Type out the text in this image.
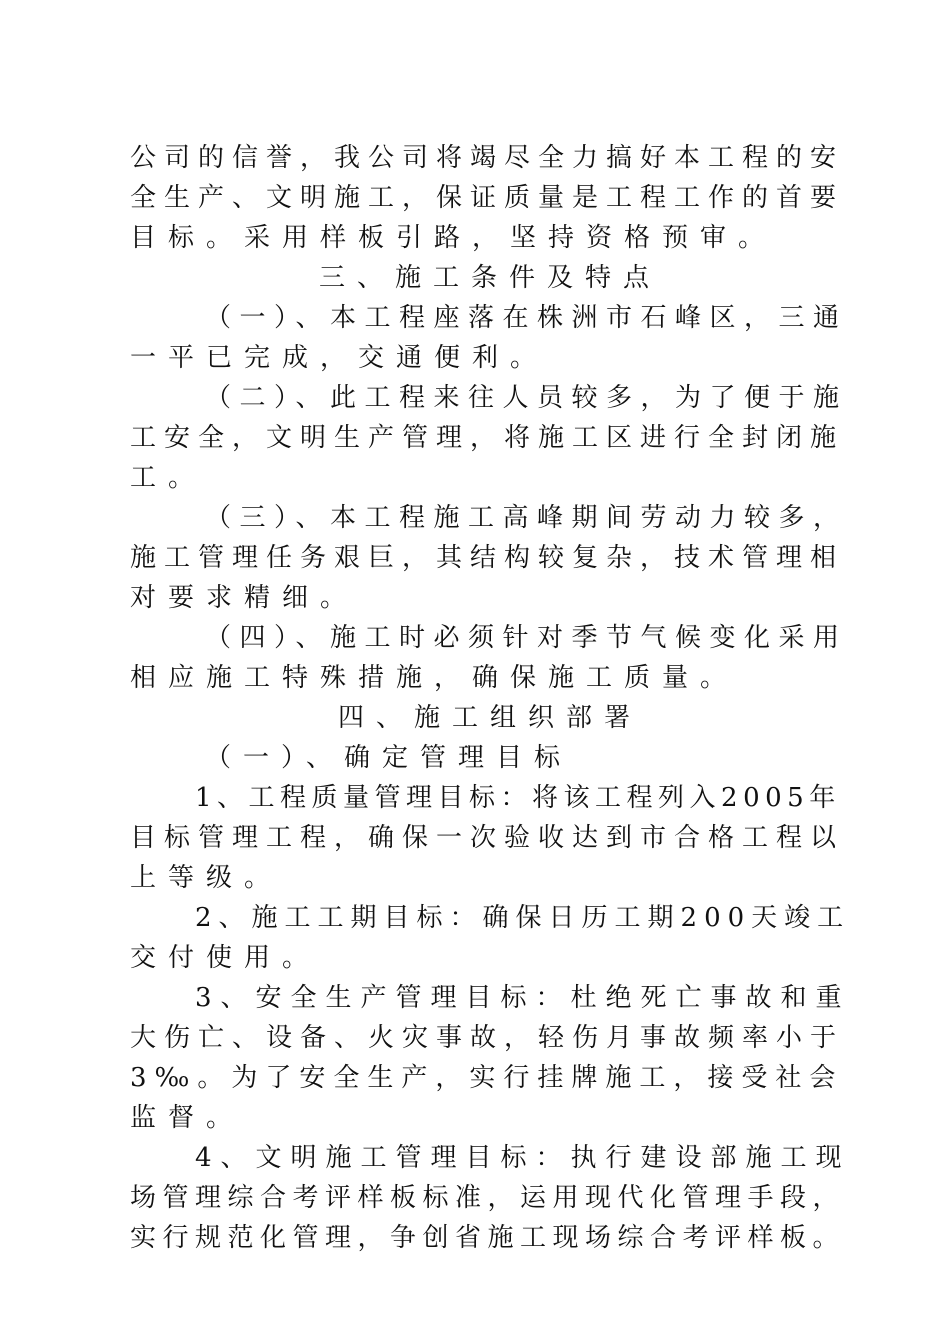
公司的信誉，我公司将竭尽全力搞好本工程的安
全生产、文明施工，保证质量是工程工作的首要
目标。采用样板引路，坚持资格预审。
三、施工条件及特点
（一）、本工程座落在株洲市石峰区，三通
一平已完成，交通便利。
（二）、此工程来往人员较多，为了便于施
工安全，文明生产管理，将施工区进行全封闭施
工。
（三）、本工程施工高峰期间劳动力较多，
施工管理任务艰巨，其结构较复杂，技术管理相
对要求精细。
（四）、施工时必须针对季节气候变化采用
相应施工特殊措施，确保施工质量。
四、施工组织部署
（一）、确定管理目标
1、工程质量管理目标：将该工程列入2005年
目标管理工程，确保一次验收达到市合格工程以
上等级。
2、施工工期目标：确保日历工期200天竣工
交付使用。
3、安全生产管理目标：杜绝死亡事故和重
大伤亡、设备、火灾事故，轻伤月事故频率小于
3‰。为了安全生产，实行挂牌施工，接受社会
监督。
4、文明施工管理目标：执行建设部施工现
场管理综合考评样板标准，运用现代化管理手段，
实行规范化管理，争创省施工现场综合考评样板。
